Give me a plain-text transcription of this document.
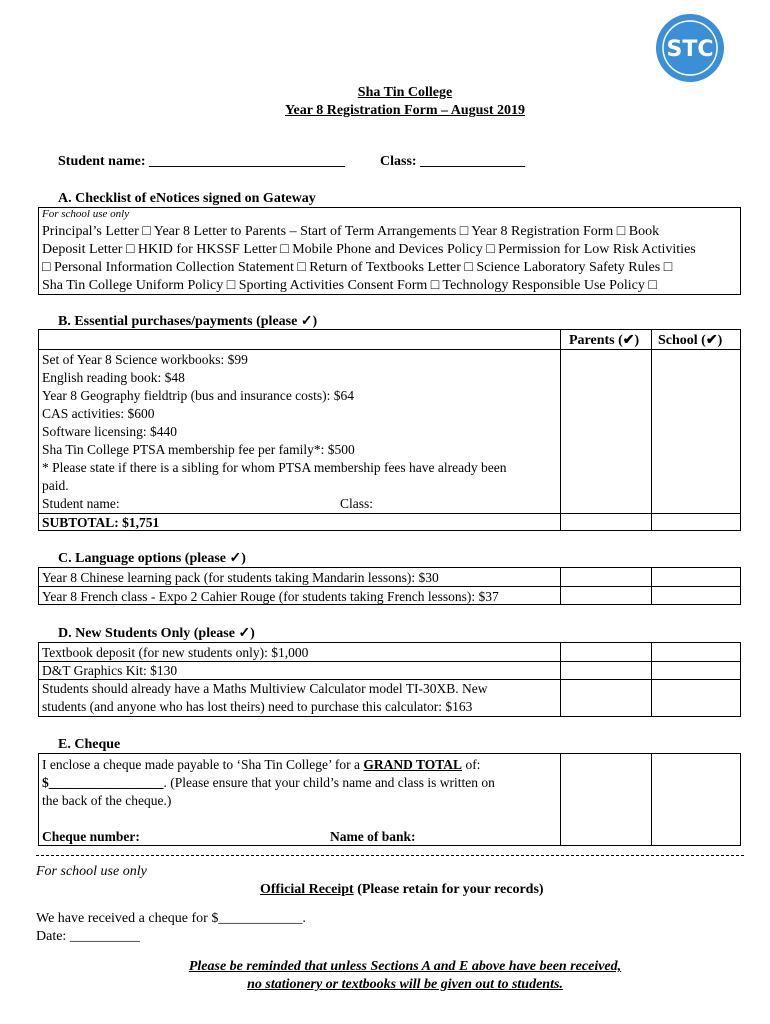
STC
Sha Tin College
Year 8 Registration Form – August 2019
Student name: ____________________________ Class: _______________
A. Checklist of eNotices signed on Gateway
For school use only
Principal’s Letter □ Year 8 Letter to Parents – Start of Term Arrangements □ Year 8 Registration Form □ Book
Deposit Letter □ HKID for HKSSF Letter □ Mobile Phone and Devices Policy □ Permission for Low Risk Activities
□ Personal Information Collection Statement □ Return of Textbooks Letter □ Science Laboratory Safety Rules □
Sha Tin College Uniform Policy □ Sporting Activities Consent Form □ Technology Responsible Use Policy □
B. Essential purchases/payments (please ✓)
Parents (✔) School (✔)
Set of Year 8 Science workbooks: $99
English reading book: $48
Year 8 Geography fieldtrip (bus and insurance costs): $64
CAS activities: $600
Software licensing: $440
Sha Tin College PTSA membership fee per family*: $500
* Please state if there is a sibling for whom PTSA membership fees have already been
paid.
Student name:	Class:
SUBTOTAL: $1,751
C. Language options (please ✓)
Year 8 Chinese learning pack (for students taking Mandarin lessons): $30
Year 8 French class - Expo 2 Cahier Rouge (for students taking French lessons): $37
D. New Students Only (please ✓)
Textbook deposit (for new students only): $1,000
D&T Graphics Kit: $130
Students should already have a Maths Multiview Calculator model TI-30XB. New
students (and anyone who has lost theirs) need to purchase this calculator: $163
E. Cheque
I enclose a cheque made payable to ‘Sha Tin College’ for a GRAND TOTAL of:
$_________________. (Please ensure that your child’s name and class is written on
the back of the cheque.)
Cheque number:	Name of bank:
For school use only
Official Receipt (Please retain for your records)
We have received a cheque for $____________.
Date: __________
Please be reminded that unless Sections A and E above have been received,
no stationery or textbooks will be given out to students.
